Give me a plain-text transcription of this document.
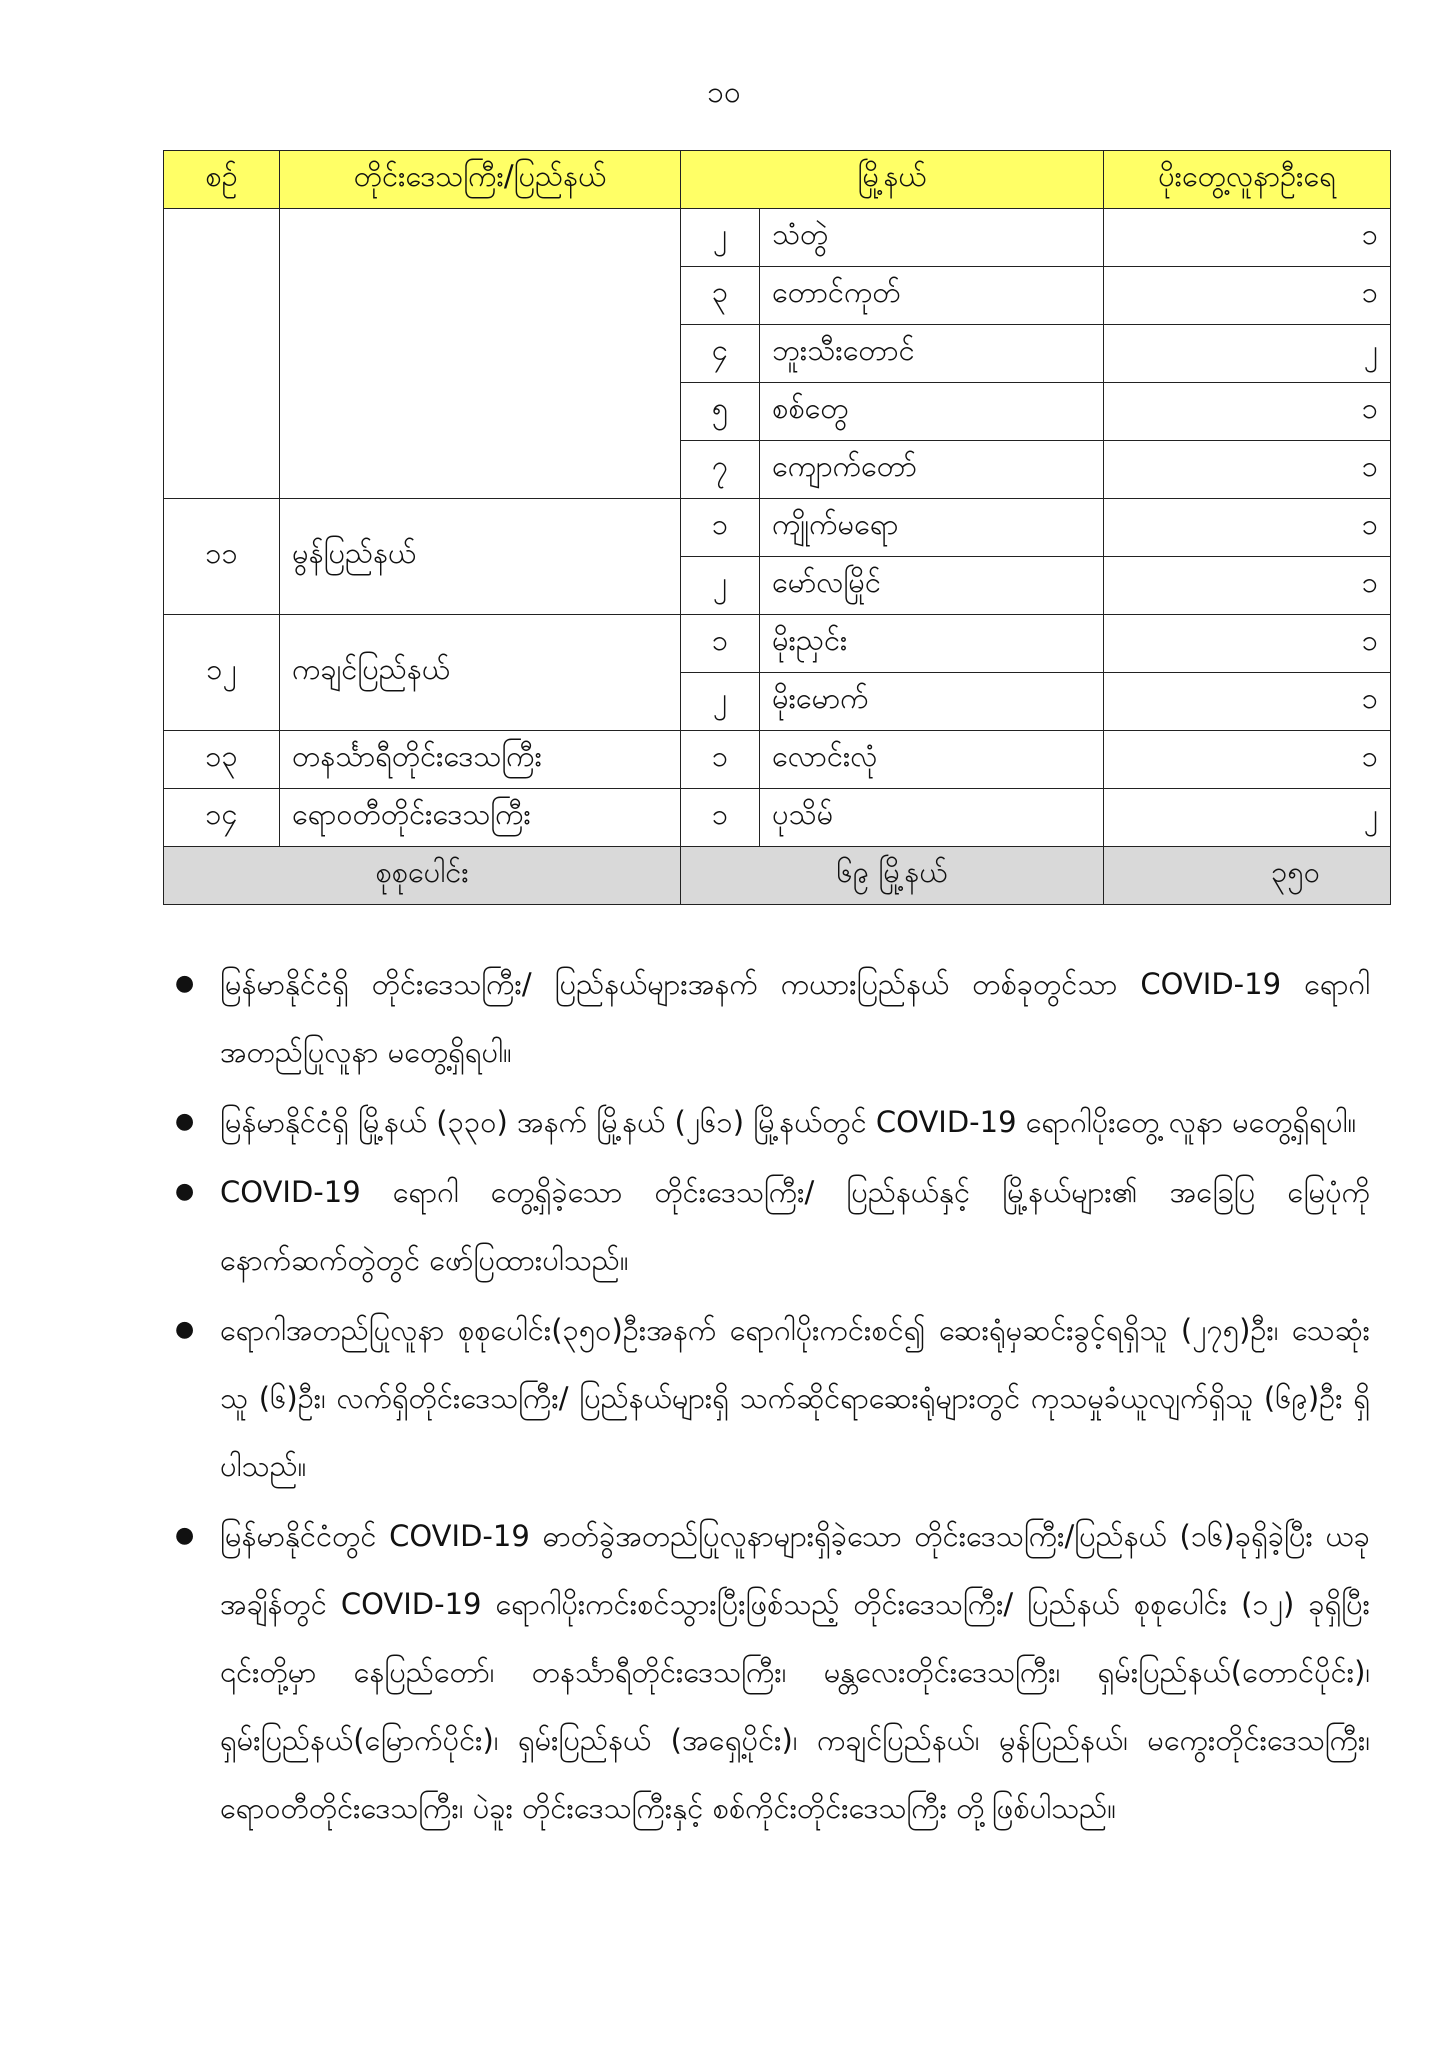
၁၀
စဉ်	တိုင်းဒေသကြီး/ပြည်နယ်	မြို့နယ်		ပိုးတွေ့လူနာဦးရေ
		၂	သံတွဲ	၁
		၃	တောင်ကုတ်	၁
		၄	ဘူးသီးတောင်	၂
		၅	စစ်တွေ	၁
		၇	ကျောက်တော်	၁
၁၁	မွန်ပြည်နယ်	၁	ကျိုက်မရော	၁
		၂	မော်လမြိုင်	၁
၁၂	ကချင်ပြည်နယ်	၁	မိုးညှင်း	၁
		၂	မိုးမောက်	၁
၁၃	တနင်္သာရီတိုင်းဒေသကြီး	၁	လောင်းလုံ	၁
၁၄	ရောဝတီတိုင်းဒေသကြီး	၁	ပုသိမ်	၂
စုစုပေါင်း		၆၉ မြို့နယ်		၃၅၀
● မြန်မာနိုင်ငံရှိ တိုင်းဒေသကြီး/ ပြည်နယ်များအနက် ကယားပြည်နယ် တစ်ခုတွင်သာ COVID-19 ရောဂါ အတည်ပြုလူနာ မတွေ့ရှိရပါ။
● မြန်မာနိုင်ငံရှိ မြို့နယ် (၃၃၀) အနက် မြို့နယ် (၂၆၁) မြို့နယ်တွင် COVID-19 ရောဂါပိုးတွေ့ လူနာ မတွေ့ရှိရပါ။
● COVID-19 ရောဂါ တွေ့ရှိခဲ့သော တိုင်းဒေသကြီး/ ပြည်နယ်နှင့် မြို့နယ်များ၏ အခြေပြ မြေပုံကို နောက်ဆက်တွဲတွင် ဖော်ပြထားပါသည်။
● ရောဂါအတည်ပြုလူနာ စုစုပေါင်း(၃၅၀)ဦးအနက် ရောဂါပိုးကင်းစင်၍ ဆေးရုံမှဆင်းခွင့်ရရှိသူ (၂၇၅)ဦး၊ သေဆုံးသူ (၆)ဦး၊ လက်ရှိတိုင်းဒေသကြီး/ ပြည်နယ်များရှိ သက်ဆိုင်ရာဆေးရုံများတွင် ကုသမှုခံယူလျက်ရှိသူ (၆၉)ဦး ရှိပါသည်။
● မြန်မာနိုင်ငံတွင် COVID-19 ဓာတ်ခွဲအတည်ပြုလူနာများရှိခဲ့သော တိုင်းဒေသကြီး/ပြည်နယ် (၁၆)ခုရှိခဲ့ပြီး ယခုအချိန်တွင် COVID-19 ရောဂါပိုးကင်းစင်သွားပြီးဖြစ်သည့် တိုင်းဒေသကြီး/ ပြည်နယ် စုစုပေါင်း (၁၂) ခုရှိပြီး ၎င်းတို့မှာ နေပြည်တော်၊ တနင်္သာရီတိုင်းဒေသကြီး၊ မန္တလေးတိုင်းဒေသကြီး၊ ရှမ်းပြည်နယ်(တောင်ပိုင်း)၊ ရှမ်းပြည်နယ်(မြောက်ပိုင်း)၊ ရှမ်းပြည်နယ် (အရှေ့ပိုင်း)၊ ကချင်ပြည်နယ်၊ မွန်ပြည်နယ်၊ မကွေးတိုင်းဒေသကြီး၊ ရောဝတီတိုင်းဒေသကြီး၊ ပဲခူး တိုင်းဒေသကြီးနှင့် စစ်ကိုင်းတိုင်းဒေသကြီး တို့ဖြစ်ပါသည်။
